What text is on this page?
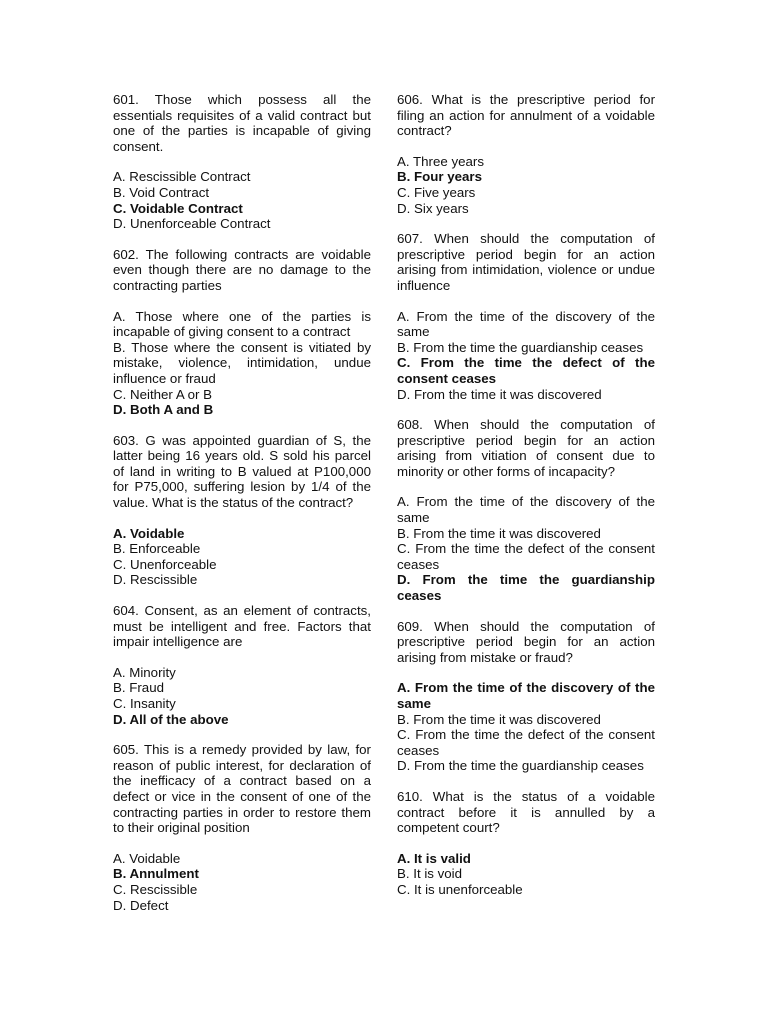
601. Those which possess all the essentials requisites of a valid contract but one of the parties is incapable of giving consent.

A. Rescissible Contract
B. Void Contract
C. Voidable Contract
D. Unenforceable Contract

602. The following contracts are voidable even though there are no damage to the contracting parties

A. Those where one of the parties is incapable of giving consent to a contract
B. Those where the consent is vitiated by mistake, violence, intimidation, undue influence or fraud
C. Neither A or B
D. Both A and B

603. G was appointed guardian of S, the latter being 16 years old. S sold his parcel of land in writing to B valued at P100,000 for P75,000, suffering lesion by 1/4 of the value. What is the status of the contract?

A. Voidable
B. Enforceable
C. Unenforceable
D. Rescissible

604. Consent, as an element of contracts, must be intelligent and free. Factors that impair intelligence are

A. Minority
B. Fraud
C. Insanity
D. All of the above

605. This is a remedy provided by law, for reason of public interest, for declaration of the inefficacy of a contract based on a defect or vice in the consent of one of the contracting parties in order to restore them to their original position

A. Voidable
B. Annulment
C. Rescissible
D. Defect

606. What is the prescriptive period for filing an action for annulment of a voidable contract?

A. Three years
B. Four years
C. Five years
D. Six years

607. When should the computation of prescriptive period begin for an action arising from intimidation, violence or undue influence

A. From the time of the discovery of the same
B. From the time the guardianship ceases
C. From the time the defect of the consent ceases
D. From the time it was discovered

608. When should the computation of prescriptive period begin for an action arising from vitiation of consent due to minority or other forms of incapacity?

A. From the time of the discovery of the same
B. From the time it was discovered
C. From the time the defect of the consent ceases
D. From the time the guardianship ceases

609. When should the computation of prescriptive period begin for an action arising from mistake or fraud?

A. From the time of the discovery of the same
B. From the time it was discovered
C. From the time the defect of the consent ceases
D. From the time the guardianship ceases

610. What is the status of a voidable contract before it is annulled by a competent court?

A. It is valid
B. It is void
C. It is unenforceable
